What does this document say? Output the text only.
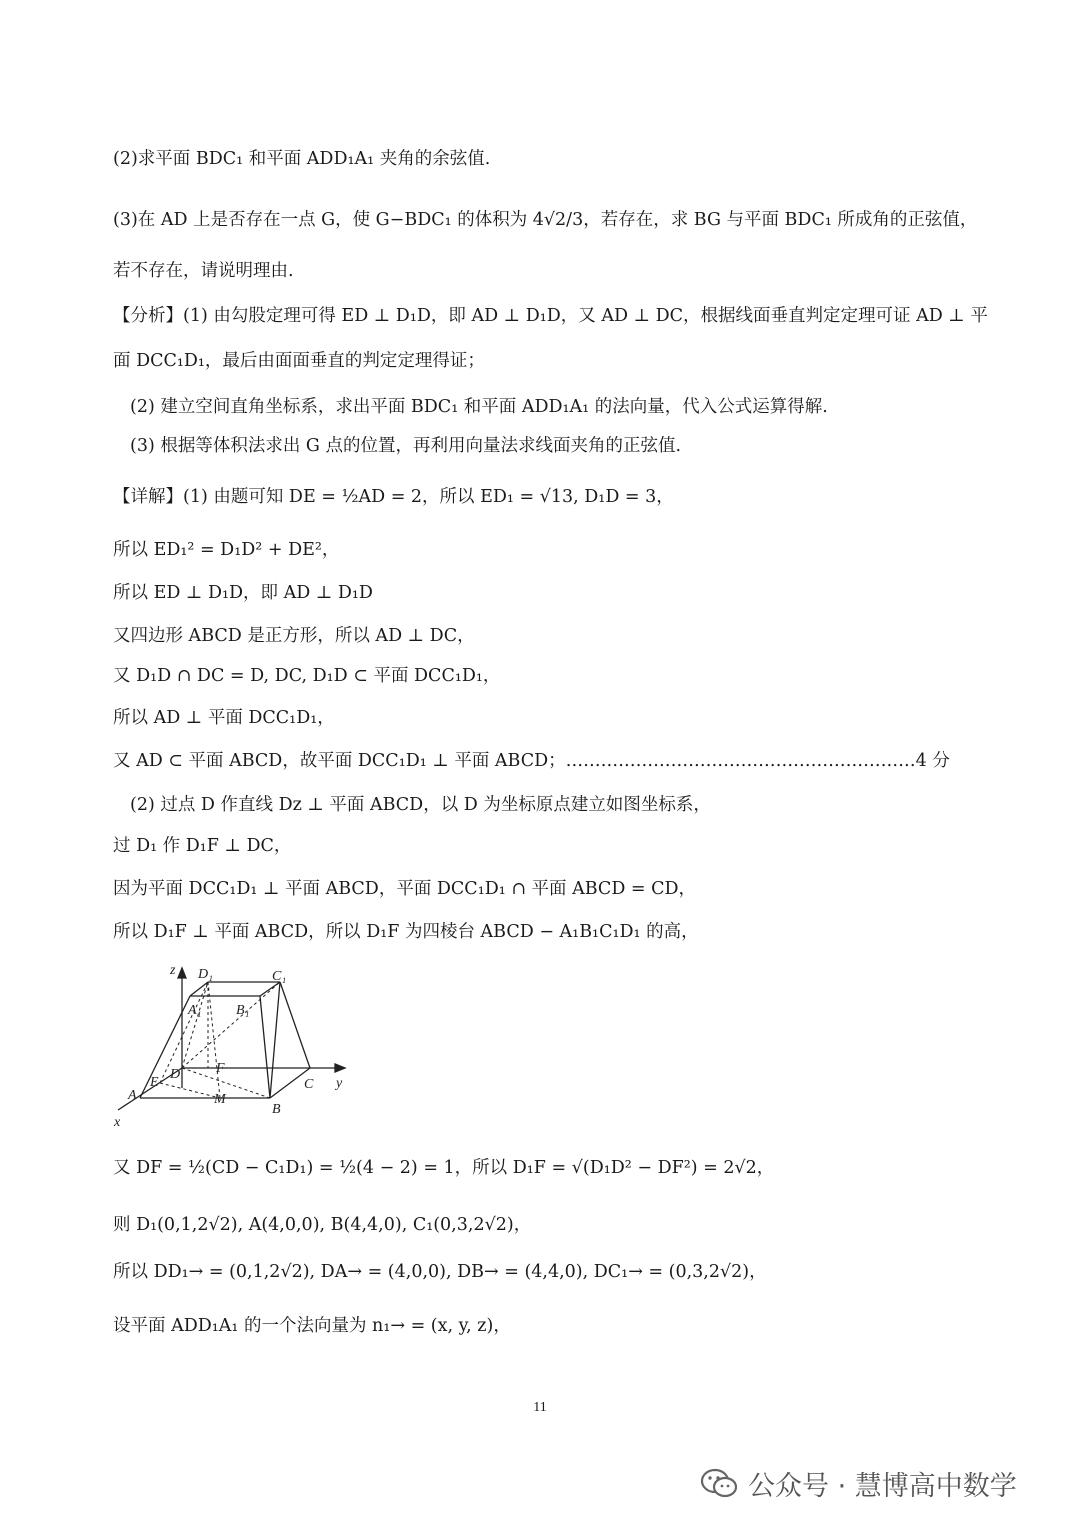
(2)求平面 BDC₁ 和平面 ADD₁A₁ 夹角的余弦值.
(3)在 AD 上是否存在一点 G，使 G−BDC₁ 的体积为 4√2/3，若存在，求 BG 与平面 BDC₁ 所成角的正弦值，
若不存在，请说明理由.
【分析】(1) 由勾股定理可得 ED ⊥ D₁D，即 AD ⊥ D₁D，又 AD ⊥ DC，根据线面垂直判定定理可证 AD ⊥ 平
面 DCC₁D₁，最后由面面垂直的判定定理得证；
(2) 建立空间直角坐标系，求出平面 BDC₁ 和平面 ADD₁A₁ 的法向量，代入公式运算得解.
(3) 根据等体积法求出 G 点的位置，再利用向量法求线面夹角的正弦值.
【详解】(1) 由题可知 DE = ½AD = 2，所以 ED₁ = √13, D₁D = 3，
所以 ED₁² = D₁D² + DE²，
所以 ED ⊥ D₁D，即 AD ⊥ D₁D
又四边形 ABCD 是正方形，所以 AD ⊥ DC，
又 D₁D ∩ DC = D, DC, D₁D ⊂ 平面 DCC₁D₁，
所以 AD ⊥ 平面 DCC₁D₁，
又 AD ⊂ 平面 ABCD，故平面 DCC₁D₁ ⊥ 平面 ABCD；……………………………………………………4 分
(2) 过点 D 作直线 Dz ⊥ 平面 ABCD，以 D 为坐标原点建立如图坐标系，
过 D₁ 作 D₁F ⊥ DC，
因为平面 DCC₁D₁ ⊥ 平面 ABCD，平面 DCC₁D₁ ∩ 平面 ABCD = CD，
所以 D₁F ⊥ 平面 ABCD，所以 D₁F 为四棱台 ABCD − A₁B₁C₁D₁ 的高，
z D₁	C₁
A₁ B₁
D	F
E
A	M
B
C y
x
又 DF = ½(CD − C₁D₁) = ½(4 − 2) = 1，所以 D₁F = √(D₁D² − DF²) = 2√2，
则 D₁(0,1,2√2), A(4,0,0), B(4,4,0), C₁(0,3,2√2)，
所以 DD₁→ = (0,1,2√2), DA→ = (4,0,0), DB→ = (4,4,0), DC₁→ = (0,3,2√2)，
设平面 ADD₁A₁ 的一个法向量为 n₁→ = (x, y, z)，
11
公众号 · 慧博高中数学
